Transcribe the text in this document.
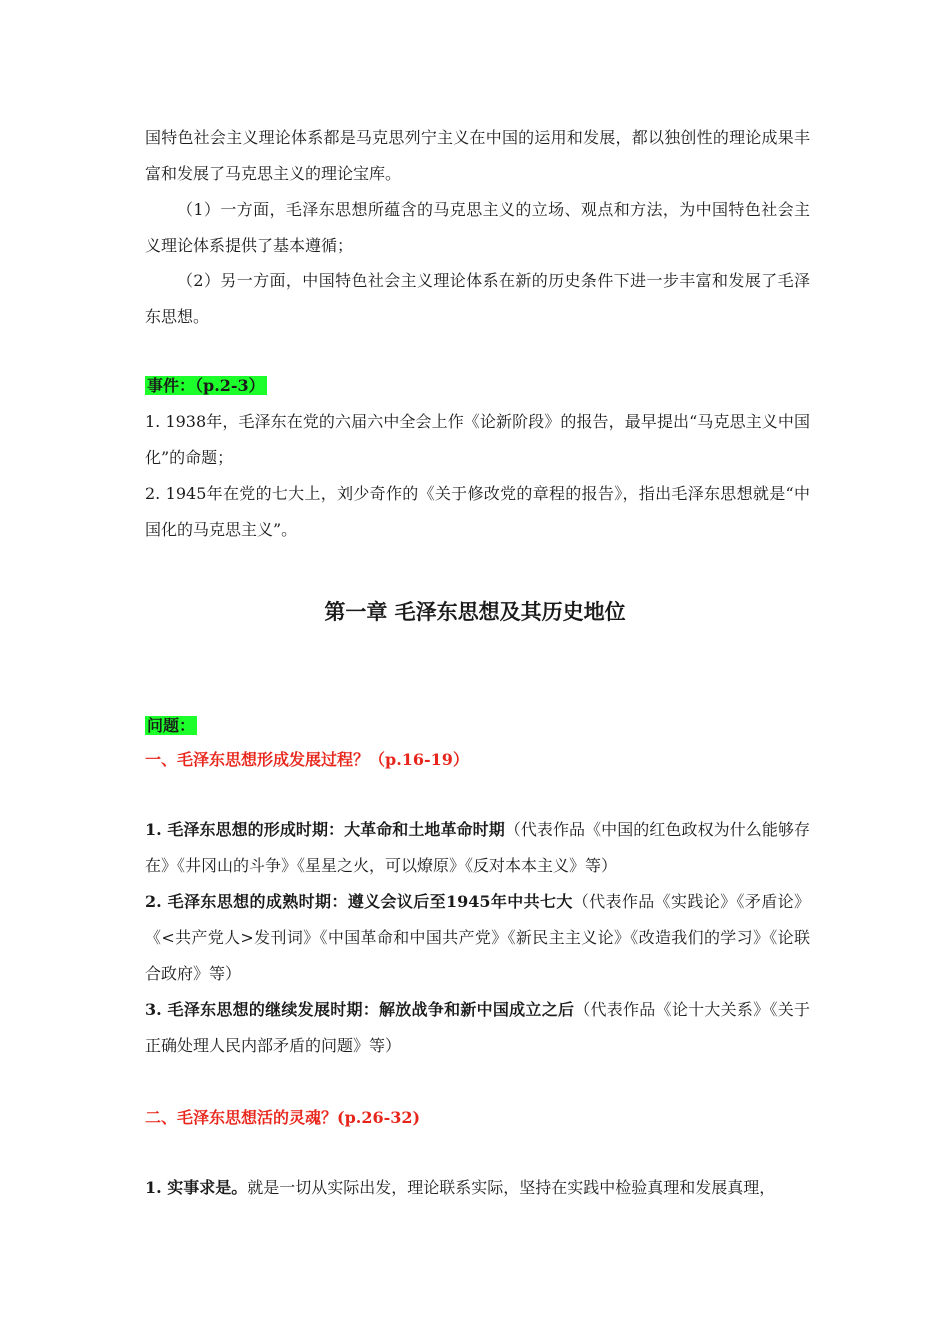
国特色社会主义理论体系都是马克思列宁主义在中国的运用和发展，都以独创性的理论成果丰富和发展了马克思主义的理论宝库。

（1）一方面，毛泽东思想所蕴含的马克思主义的立场、观点和方法，为中国特色社会主义理论体系提供了基本遵循；

（2）另一方面，中国特色社会主义理论体系在新的历史条件下进一步丰富和发展了毛泽东思想。

事件：（p.2-3）

1. 1938年，毛泽东在党的六届六中全会上作《论新阶段》的报告，最早提出“马克思主义中国化”的命题；

2. 1945年在党的七大上，刘少奇作的《关于修改党的章程的报告》，指出毛泽东思想就是“中国化的马克思主义”。

第一章 毛泽东思想及其历史地位

问题：

一、毛泽东思想形成发展过程？（p.16-19）

1. 毛泽东思想的形成时期：大革命和土地革命时期（代表作品《中国的红色政权为什么能够存在》《井冈山的斗争》《星星之火，可以燎原》《反对本本主义》等）

2. 毛泽东思想的成熟时期：遵义会议后至1945年中共七大（代表作品《实践论》《矛盾论》《<共产党人>发刊词》《中国革命和中国共产党》《新民主主义论》《改造我们的学习》《论联合政府》等）

3. 毛泽东思想的继续发展时期：解放战争和新中国成立之后（代表作品《论十大关系》《关于正确处理人民内部矛盾的问题》等）

二、毛泽东思想活的灵魂？(p.26-32)

1. 实事求是。就是一切从实际出发，理论联系实际，坚持在实践中检验真理和发展真理，
